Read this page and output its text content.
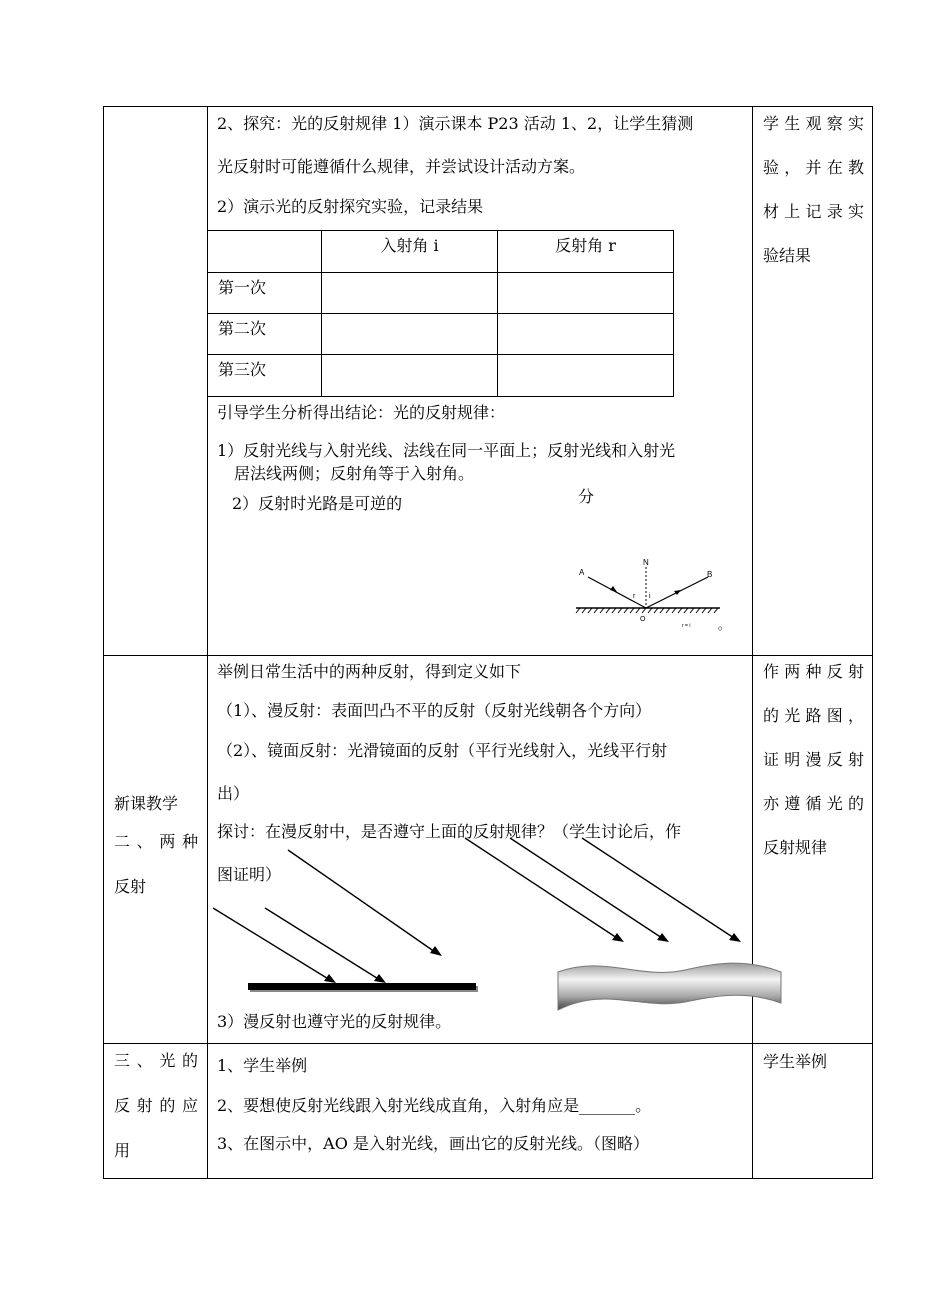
2、探究：光的反射规律 1）演示课本 P23 活动 1、2，让学生猜测
光反射时可能遵循什么规律，并尝试设计活动方案。
2）演示光的反射探究实验，记录结果
入射角 i	反射角 r
第一次
第二次
第三次
引导学生分析得出结论：光的反射规律：
1）反射光线与入射光线、法线在同一平面上；反射光线和入射光
居法线两侧；反射角等于入射角。
分
2）反射时光路是可逆的
A	B
N
O
r i
r = i 。
学 生 观 察 实
验 ， 并 在 教
材 上 记 录 实
验结果
新课教学
二 、 两 种
反射
举例日常生活中的两种反射，得到定义如下
（1）、漫反射：表面凹凸不平的反射（反射光线朝各个方向）
（2）、镜面反射：光滑镜面的反射（平行光线射入，光线平行射
出）
探讨：在漫反射中，是否遵守上面的反射规律？（学生讨论后，作
图证明）
3）漫反射也遵守光的反射规律。
作 两 种 反 射
的 光 路 图 ，
证 明 漫 反 射
亦 遵 循 光 的
反射规律
三 、 光 的
反 射 的 应
用
1、学生举例
2、要想使反射光线跟入射光线成直角，入射角应是_______。
3、在图示中，AO 是入射光线，画出它的反射光线。（图略）
学生举例
